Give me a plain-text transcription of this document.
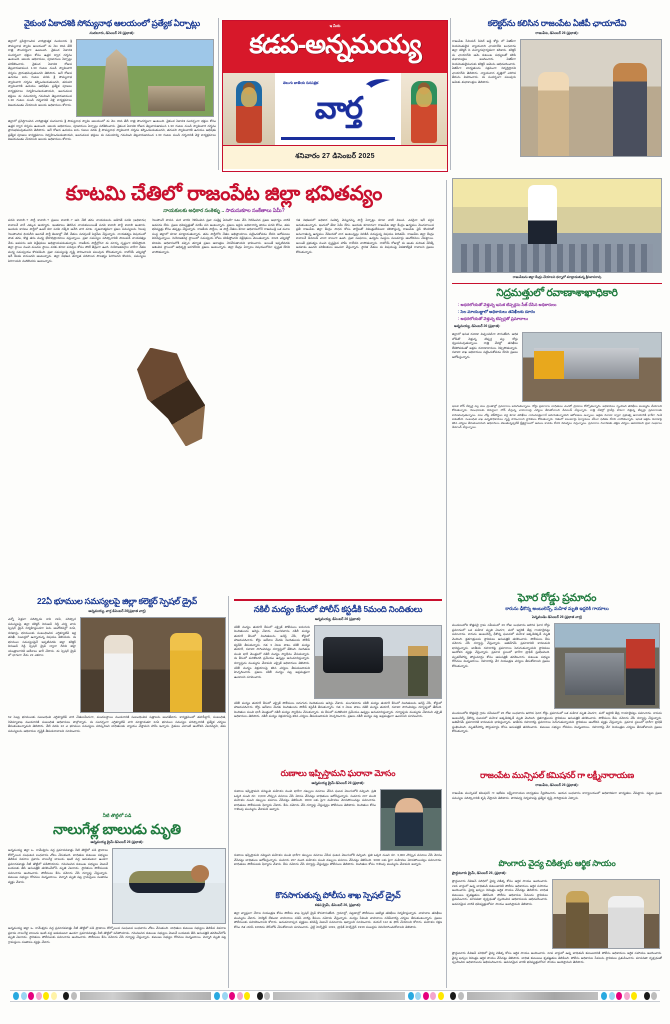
ఇ మీరు
కడప-అన్నమయ్య
తెలుగు జాతీయ దినపత్రిక
వార్త
శనివారం 27 డిసెంబర్ 2025
వైకుంఠ ఏకాదశికి సోమ్యనాథ ఆలయంలో ప్రత్యేక ఏర్పాట్లు
నందలూరు, డిసెంబర్ 26 (ప్రభాత):
జిల్లాలో ప్రసిద్ధిగాంచిన చారిత్రాత్మక నందలూరు శ్రీ సౌమ్యనాథ స్వామి ఆలయంలో ఈ నెల 30వ తేదీ రాత్రి సౌందర్యంగా ఉంటుంది. వైకుంఠ ఏకాదశి సందర్భంగా భక్తుల కోసం ఉత్తర ద్వార దర్శనం ఉంటుంది. ఆలయ అధికారులు, పూజారులు ఏర్పాట్లు పరిశీలించారు. వైకుంఠ ఏకాదశి రోజున తెల్లవారుజామున 1.30 గంటల నుండి స్వామివారి దర్శనం ప్రారంభమవుతుందని తెలిపారు. అదే రోజున ఉదయం ఐదు గంటల వరకు శ్రీ సౌమ్యనాథ స్వామివారి దర్శనం కల్పించబడుతుందని, తదుపరి స్వామివారికి ఉదయం అభిషేకం ప్రత్యేక పూజలు కార్యక్రమాలు నిర్వహించబడుతాయని, అందువలన భక్తులు ఈ సమయాన్ని గమనించి తెల్లవారుజామున 1.30 గంటల నుండి దర్శనానికి వెళ్లి కార్యక్రమాలు విజయవంతం చేయాలని ఆలయ అధికారులు కోరారు.
జిల్లాలో ప్రసిద్ధిగాంచిన చారిత్రాత్మక నందలూరు శ్రీ సౌమ్యనాథ స్వామి ఆలయంలో ఈ నెల 30వ తేదీ రాత్రి సౌందర్యంగా ఉంటుంది. వైకుంఠ ఏకాదశి సందర్భంగా భక్తుల కోసం ఉత్తర ద్వార దర్శనం ఉంటుంది. ఆలయ అధికారులు, పూజారులు ఏర్పాట్లు పరిశీలించారు. వైకుంఠ ఏకాదశి రోజున తెల్లవారుజామున 1.30 గంటల నుండి స్వామివారి దర్శనం ప్రారంభమవుతుందని తెలిపారు. అదే రోజున ఉదయం ఐదు గంటల వరకు శ్రీ సౌమ్యనాథ స్వామివారి దర్శనం కల్పించబడుతుందని, తదుపరి స్వామివారికి ఉదయం అభిషేకం ప్రత్యేక పూజలు కార్యక్రమాలు నిర్వహించబడుతాయని, అందువలన భక్తులు ఈ సమయాన్ని గమనించి తెల్లవారుజామున 1.30 గంటల నుండి దర్శనానికి వెళ్లి కార్యక్రమాలు విజయవంతం చేయాలని ఆలయ అధికారులు కోరారు.
కలెక్టర్‌ను కలిసిన రాజంపేట ఏజీపీ ఛాయాదేవి
రాజంపేట, డిసెంబర్ 26 (ప్రభాత):
రాజంపేట సీనియర్ సివిల్ జడ్జి కోర్టు లో ఏజీపీగా నియమితులైన న్యాయవాది ఛాయాదేవి బుధవారం జిల్లా కలెక్టర్ ని మర్యాదపూర్వకంగా కలిశారు. కలెక్టర్ ను ఛాయాదేవి ఆమె కుటుంబ సభ్యులతో కలిసి శుభాకాంక్షలు అందించారు. ఏజీపీగా నియమితులైనందుకు కలెక్టర్ ఆమెను అభినందించారు. ఏజీపీగా బాధ్యతలను సక్రమంగా నిర్వర్తిస్తానని ఛాయాదేవి తెలిపారు. న్యాయవాద వృత్తిలో ఎదిగిన తీరును వివరించారు. ఈ సందర్భంగా పలువురు ఆమెకు శుభాకాంక్షలు తెలిపారు.
కూటమి చేతిలో రాజంపేట జిల్లా భవితవ్యం
నాయకులకు అధికార సంకెళ్ళు .. సామసుకూల సంకేతాలు ఏమీ?
పదవి కావాలి..? పార్టీ కావాలి..? ప్రజలు కావాలి..? అని నేటి తరం నాయకులను అడిగితే పదవి (అధికారం) కావాలనే వారే ఎక్కువ అయ్యారు. ఇంతకాలం తెలిసిన నాయకులుయితే పదవి కావాలి పార్టీ కావాలి అంటారు. అందుకు కారణం పార్టీలో ఉంటే కదా పదవి దక్కేది అనేది వారి మాట. సృజనాత్మకంగా ప్రజల సమస్యలను గెలుపు గెలుపొందిన థియరీని అందుకే పార్టీ జెండాల్లో నేటి నేతలు పదవులకే పెద్దపీట వేస్తున్నారు. నాయకత్వం విషయంలో పాత తరం, కొత్త తరం మధ్య భేదాభిప్రాయాలు వస్తున్నాయి. ప్రజా సమస్యల పరిష్కారానికి పాటుపడే నాయకత్వం నేడు అవసరం అని విశ్లేషకులు అభిప్రాయపడుతున్నారు. రాజకీయ పార్టీల్లోనూ ఈ మార్పు స్పష్టంగా కనిపిస్తోంది. జిల్లా స్థాయి నుంచి మండల స్థాయి వరకు కూడా పదవుల కోసం పోటీ తీవ్రంగా ఉంది. నియోజకవర్గాల వారీగా నేతల మధ్య సమన్వయం కొరవడింది. ప్రజా సమస్యలపై దృష్టి సారించాలని పలువురు కోరుతున్నారు. రాబోయే ఎన్నికల్లో ఇదే కీలకం కానుందని అంటున్నారు. జిల్లా విభజన తర్వాత పరిపాలన సౌలభ్యం పెరిగిందని కొందరు, సమస్యలు పెరిగాయని మరికొందరు అంటున్నారు.
గెలుపొందే పాదన. మరి వారిని గెలిపించిన ప్రజా సంక్షిప్త ఏమిటి? ఓటు వేసి గెలిపించిన ప్రజల అభాగ్యం వారికి అవసరం లేదు. ప్రజల భవిష్యత్తుతో మాకేం పని అంటున్నారు. ప్రజలు ఇద్దరు అధికారాన్ని తాము పదవి కోసం, తమ భవిష్యత్తు కోసం తప్పట్లు వేస్తున్నారు. రాజకీయ పార్టీలు, ఆ పార్టీ నేతలు కూడా అధికారంలోనే రాజమండ్రి ఒక మూల సంస్థ జిల్లాలో కూడా మాట్లాడుతున్నారు. తమ పార్టీలోని నేతల అభిప్రాయాలు పట్టించుకోవడం లేదని ఆరోపణలు వినిపిస్తున్నాయి. నియోజకవర్గ స్థాయిలో సమన్వయ లోపం కనిపిస్తోందని విశ్లేషకులు చెబుతున్నారు. 2024 ఎన్నికల్లో కూటమి అధికారంలోకి వచ్చిన తర్వాత ప్రజల ఆకాంక్షలు నెరవేరుతాయని భావించారు. అయితే ఇప్పటివరకు ఆశించిన స్థాయిలో అభివృద్ధి జరగలేదని ప్రజలు అంటున్నారు. జిల్లా కేంద్రం ఏర్పాటు విషయంలోనూ స్పష్టత లేదని వాపోతున్నారు.
గత విభజనలో అధికార సంకెళ్ళ వెన్నుదన్ను పార్టీ ఏర్పాట్లు కూడా వాటి విలువ. ఎవరైనా ఇదే వర్ధన అనుకుంటున్నారు. ఇందులో తేడా ఏమీ లేదు. అందుకు కూడాదుగా రాజంపేట జిల్లా కేంద్రం ఉద్యమం మొదలాయిన ప్రతీ రాజంపేట జిల్లా కేంద్రం సాధన కోసం పార్టీలతో నిమిత్తంలేకుండా కలిసొస్తున్న రాజంపేట వైస్ కొందరితో జనంగాతున్న ఉద్యమం నేడెందుకో వార అంటున్నట్లు వినికిడి నడుస్తున్న విషయం విదితమే. రాజంపేట జిల్లా కేంద్రం కావాలనే డిమాండ్ చాలా కాలంగా ఉంది. ప్రజా సంఘాలు, ఉద్యమ సంస్థలు పలుమార్లు ఆందోళనలు చేపట్టాయి. అయితే ప్రభుత్వం నుంచి స్పష్టమైన హామీ రాలేదని వాపోతున్నారు. రాబోయే రోజుల్లో ఈ అంశం మరింత వేడెక్కే అవకాశం ఉందని పరిశీలకులు అంచనా వేస్తున్నారు. స్థానిక నేతలు ఈ విషయంపై ఏకతాటిపైకి రావాలని ప్రజలు కోరుతున్నారు.
రాజంపేటను జిల్లా కేంద్రం చేయాలని ధర్నాలో మాట్లాడుతున్న శ్రీనివాసరావు
నిద్రమత్తులో రవాణాశాఖాధికారి
: అధరలోయతో వెళ్తున్న ఇసుక టిప్పర్లను సీజ్ చేసిన అధికారులు
: సెల మాయుజ్జులో అధికారులు తనిఖీలకు దూరం
: అధరలోయతో వెళ్తున్న టిప్పర్లతో ప్రమాదాలు
అన్నమయ్య, డిసెంబర్ 26 (ప్రభాత):
జిల్లాలో ఇసుక రవాణా విచ్చలవిడిగా సాగుతోంది. అధిక లోడ్‌తో వెళ్తున్న టిప్పర్ల వల్ల రోడ్లు ధ్వంసమవుతున్నాయి. రాత్రి వేళల్లో తనిఖీలు లేకపోవడంతో అక్రమ రవాణాదారులు రెచ్చిపోతున్నారు. రవాణా శాఖ అధికారులు పట్టించుకోవడం లేదని ప్రజలు ఆరోపిస్తున్నారు.
ఇసుక లోడ్ టిప్పర్ల వల్ల పలు ప్రాంతాల్లో ప్రమాదాలు జరుగుతున్నాయి. రోడ్డు ప్రమాదాల బాధితులు ఎందరో ప్రాణాలు కోల్పోతున్నారు. అధికారులు స్పందించి తనిఖీలు ముమ్మరం చేయాలని కోరుతున్నారు. నిబంధనలకు విరుద్ధంగా లోడ్ చేస్తున్న వాహనాలపై చర్యలు తీసుకోవాలని డిమాండ్ చేస్తున్నారు. రాత్రి వేళల్లో హైవేపై వేగంగా వెళ్తున్న టిప్పర్లు ప్రమాదాలకు కారణమవుతున్నాయి. పలు చోట్ల చెక్‌పోస్టుల వద్ద కూడా తనిఖీలు నామమాత్రంగానే జరుగుతున్నాయని ఆరోపణలు ఉన్నాయి. అక్రమ రవాణా ద్వారా ప్రభుత్వ ఆదాయానికి భారీగా గండి పడుతోంది. సంబంధిత శాఖ ఉన్నతాధికారులు దృష్టి సారించాలని స్థానికులు కోరుతున్నారు. గతంలో పలుమార్లు ఫిర్యాదులు చేసినా ఫలితం లేదని వాపోతున్నారు. ఇసుక అక్రమ రవాణాపై కఠిన చర్యలు తీసుకుంటామని అధికారులు చెబుతున్నప్పటికీ క్షేత్రస్థాయిలో అమలు కావడం లేదని విమర్శలు వస్తున్నాయి. ప్రమాదాల నివారణకు తక్షణ చర్యలు అవసరమని ప్రజా సంఘాలు డిమాండ్ చేస్తున్నాయి.
22ఏ భూముల సమస్యలపై జిల్లా కలెక్టర్ స్పెషల్ డ్రైవ్
అన్నమయ్య, వార్త డిసెంబర్ 26(ప్రభాత వార్త)
ఎన్నో ఏళ్లుగా పరిష్కారం కాని 22ఏ, పరిష్కార సమస్యలపై జిల్లా కలెక్టర్ నిరంజన్ రెడ్డి చర్య వారు స్పెషల్ డ్రైవ్ నిర్వహిస్తుండగా పెను ఆందోళనల్లో 22ఏ, దరఖాస్తు భూములకు సంబంధించిన ఎగ్జిక్యూటివ్ ఇళ్ల తనిఖీ. సెంటర్లలో ఉన్నాయన్న విషయం తెలియదు. ఈ భూముల సమస్యలపైనే ఇప్పటివరకు జిల్లా కలెక్టర్ నిరంజన్ రెడ్డి స్పెషల్ డ్రైవ్ ద్వారా దీనిని జిల్లా యంత్రాంగానికి ఆదేశాలు జారీ చేసారు. ఈ స్పెషల్ డ్రైవ్ లో భాగంగా నేడు 22 ఎకరాల
62 సెంట్ల భూములకు సంబంధించి ఎగ్జిక్యూటివ్ వారి చేతులమీదుగా, మండలస్థాయి మండలానికి సంబంధించిన పత్రాలను అందజేశారు. కార్యక్రమంలో తహసీల్దార్, సంబంధిత, రెవెన్యూశాఖ మండలానికి సంబంధిత అధికారులు పాల్గొన్నారు. ఈ సందర్భంగా ఎగ్జిక్యూటివ్ వారి మాట్లాడుతూ 22ఏ భూముల సమస్యల పరిష్కారానికి ప్రత్యేక చర్యలు తీసుకుంటున్నామని తెలిపారు. నేటి వరకు 22 ఎ భూముల సమస్యలు పరిష్కరించి బాధితులకు న్యాయం చేస్తామని హామీ ఇచ్చారు. రైతులు ఎలాంటి ఆందోళన చెందవద్దని, తమ సమస్యలను అధికారుల దృష్టికి తీసుకురావాలని సూచించారు.
నీటి తొట్టిలో పడి
నాలుగేళ్ల బాలుడు మృతి
అన్నమయ్య క్రైమ్ డిసెంబర్ 26 (ప్రభాత):
అన్నమయ్య జిల్లా ఒ. రామేశ్వరం వద్ద ప్రమాదవశాత్తు నీటి తొట్టిలో పడి ప్రాణాలు కోల్పోయిన సంఘటన బుధవారం చోటు చేసుకుంది. బాధితుల కుటుంబ సభ్యులు తెలిపిన వివరాల ప్రకారం నాలుగేళ్ల బాలుడు ఇంటి వద్ద ఆడుకుంటూ ఉండగా ప్రమాదవశాత్తు నీటి తొట్టిలో పడిపోయాడు. గమనించిన కుటుంబ సభ్యులు వెంటనే బయటకు తీసి ఆసుపత్రికి తరలించేలోపే మృతి చెందాడు. స్థానికులు పోలీసులకు సమాచారం అందించారు. పోలీసులు కేసు నమోదు చేసి దర్యాప్తు చేస్తున్నారు. కుటుంబ సభ్యుల రోదనలు మిన్నంటాయి. చిన్నారి మృతి పట్ల గ్రామస్తులు సంతాపం వ్యక్తం చేశారు.
అన్నమయ్య జిల్లా ఒ. రామేశ్వరం వద్ద ప్రమాదవశాత్తు నీటి తొట్టిలో పడి ప్రాణాలు కోల్పోయిన సంఘటన బుధవారం చోటు చేసుకుంది. బాధితుల కుటుంబ సభ్యులు తెలిపిన వివరాల ప్రకారం నాలుగేళ్ల బాలుడు ఇంటి వద్ద ఆడుకుంటూ ఉండగా ప్రమాదవశాత్తు నీటి తొట్టిలో పడిపోయాడు. గమనించిన కుటుంబ సభ్యులు వెంటనే బయటకు తీసి ఆసుపత్రికి తరలించేలోపే మృతి చెందాడు. స్థానికులు పోలీసులకు సమాచారం అందించారు. పోలీసులు కేసు నమోదు చేసి దర్యాప్తు చేస్తున్నారు. కుటుంబ సభ్యుల రోదనలు మిన్నంటాయి. చిన్నారి మృతి పట్ల గ్రామస్తులు సంతాపం వ్యక్తం చేశారు.
నకిలీ మద్యం కేసులో పోలీస్ కస్టడీకి 5మంది నిందితులు
అన్నమయ్య, డిసెంబర్ 26 (ప్రభాత):
నకిలీ మద్యం తయారీ కేసులో ఎక్సైజ్ పోలీసులు ఐదుగురు నిందితులను అరెస్టు చేశారు. మంగళవారం నకిలీ మద్యం తయారీ కేసులో నిందితులను అరెస్ట్ చేసి, కోర్టులో హాజరుపరిచారు. కోర్టు ఆదేశాల మేరకు నిందితులను పోలీస్ కస్టడీకి తీసుకున్నారు. గత 3 నెలల పాటు నకిలీ మద్యం తయారీ, రవాణా సాగించినట్లు దర్యాప్తులో తేలింది. నిందితుల నుంచి భారీ మొత్తంలో నకిలీ మద్యం స్వాధీనం చేసుకున్నారు. ఈ కేసులో మరికొందరి ప్రమేయం ఉన్నట్లు అనుమానిస్తున్నారు. దర్యాప్తును ముమ్మరం చేశామని ఎక్సైజ్ అధికారులు తెలిపారు. నకిలీ మద్యం విక్రయాలపై కఠిన చర్యలు తీసుకుంటామని హెచ్చరించారు. ప్రజలు నకిలీ మద్యం పట్ల అప్రమత్తంగా ఉండాలని సూచించారు.
నకిలీ మద్యం తయారీ కేసులో ఎక్సైజ్ పోలీసులు ఐదుగురు నిందితులను అరెస్టు చేశారు. మంగళవారం నకిలీ మద్యం తయారీ కేసులో నిందితులను అరెస్ట్ చేసి, కోర్టులో హాజరుపరిచారు. కోర్టు ఆదేశాల మేరకు నిందితులను పోలీస్ కస్టడీకి తీసుకున్నారు. గత 3 నెలల పాటు నకిలీ మద్యం తయారీ, రవాణా సాగించినట్లు దర్యాప్తులో తేలింది. నిందితుల నుంచి భారీ మొత్తంలో నకిలీ మద్యం స్వాధీనం చేసుకున్నారు. ఈ కేసులో మరికొందరి ప్రమేయం ఉన్నట్లు అనుమానిస్తున్నారు. దర్యాప్తును ముమ్మరం చేశామని ఎక్సైజ్ అధికారులు తెలిపారు. నకిలీ మద్యం విక్రయాలపై కఠిన చర్యలు తీసుకుంటామని హెచ్చరించారు. ప్రజలు నకిలీ మద్యం పట్ల అప్రమత్తంగా ఉండాలని సూచించారు.
రుణాలు ఇప్పిస్తామని ఘరానా మోసం
అన్నమయ్య క్రైమ్ డిసెంబర్ 26 (ప్రభాత):
రుణాలు ఇప్పిస్తామని నమ్మించి మహిళల నుంచి భారీగా డబ్బులు వసూలు చేసిన ఘటన వెలుగులోకి వచ్చింది. ప్రతి ఒక్కరి నుంచి రూ. 3,000 చొప్పున వసూలు చేసి మోసం చేసినట్లు బాధితులు ఆరోపిస్తున్నారు. సుమారు 207 మంది మహిళల నుంచి డబ్బులు వసూలు చేసినట్లు తెలిసింది. 3000 లకు పైగా మహిళలు మోసపోయినట్లు సమాచారం. బాధితులు పోలీసులకు ఫిర్యాదు చేశారు. కేసు నమోదు చేసి దర్యాప్తు చేస్తున్నట్లు పోలీసులు తెలిపారు. నిందితుల కోసం గాలింపు ముమ్మరం చేశామని అన్నారు.
రుణాలు ఇప్పిస్తామని నమ్మించి మహిళల నుంచి భారీగా డబ్బులు వసూలు చేసిన ఘటన వెలుగులోకి వచ్చింది. ప్రతి ఒక్కరి నుంచి రూ. 3,000 చొప్పున వసూలు చేసి మోసం చేసినట్లు బాధితులు ఆరోపిస్తున్నారు. సుమారు 207 మంది మహిళల నుంచి డబ్బులు వసూలు చేసినట్లు తెలిసింది. 3000 లకు పైగా మహిళలు మోసపోయినట్లు సమాచారం. బాధితులు పోలీసులకు ఫిర్యాదు చేశారు. కేసు నమోదు చేసి దర్యాప్తు చేస్తున్నట్లు పోలీసులు తెలిపారు. నిందితుల కోసం గాలింపు ముమ్మరం చేశామని అన్నారు.
కొనసాగుతున్న పోలీసు శాఖ స్పెషల్ డ్రైవ్
కడప క్రైమ్, డిసెంబర్ 26, (ప్రభాత):
జిల్లా వ్యాప్తంగా నేరాల నియంత్రణ కోసం పోలీసు శాఖ స్పెషల్ డ్రైవ్ కొనసాగుతోంది. గ్రామాల్లో, పట్టణాల్లో పోలీసులు ఆకస్మిక తనిఖీలు నిర్వహిస్తున్నారు. వాహనాల తనిఖీలు ముమ్మరం చేశారు. హెల్మెట్ లేకుండా వాహనాలు నడిపే వారిపై కేసులు నమోదు చేస్తున్నారు. మద్యం సేవించి వాహనాలు నడిపేవారిపై చర్యలు తీసుకుంటున్నారు. ప్రజలు పోలీసులకు సహకరించాలని కోరారు. అనుమానాస్పద వ్యక్తులు కనిపిస్తే వెంటనే సమాచారం ఇవ్వాలని సూచించారు. డయల్ 112 కు ఫోన్ చేయాలని కోరారు. మహిళల రక్షణ కోసం దిశ యాప్ 1098ను డౌన్‌లోడ్ చేసుకోవాలని సూచించారు. చైల్డ్ హెల్ప్‌లైన్ 1091, ట్రాఫిక్ హెల్ప్‌లైన్ 1939 నంబర్లను వినియోగించుకోవాలని తెలిపారు.
ఘోర రోడ్డు ప్రమాదం
కారును ఢీకొన్న అంబులెన్స్, మహిళ మృతి ఇద్దరికి గాయాలు
పెన్నముడెం డిసెంబర్ 26 (ప్రభాత వార్త)
మండలంలోని కొత్తపల్లె గ్రామ సమీపంలో 26 రోజు బుధవారం జరిగిన ఘోర రోడ్డు ప్రమాదంలో ఒక మహిళ మృతి చెందగా, మరో ఇద్దరికి తీవ్ర గాయాలైనట్లు సమాచారం. కారును అంబులెన్స్ ఢీకొన్న ఘటనలో మహిళ అక్కడికక్కడే మృతి చెందింది. క్షతగాత్రులను స్థానికులు ఆసుపత్రికి తరలించారు. పోలీసులు కేసు నమోదు చేసి దర్యాప్తు చేస్తున్నారు. అతివేగమే ప్రమాదానికి కారణమని భావిస్తున్నారు. జాతీయ రహదారిపై ప్రమాదాలు పెరుగుతున్నాయని స్థానికులు ఆందోళన వ్యక్తం చేస్తున్నారు. ప్రమాద స్థలంలో భారీగా ట్రాఫిక్ స్తంభించింది. మృతదేహాన్ని పోస్టుమార్టం కోసం ఆసుపత్రికి తరలించారు. కుటుంబ సభ్యుల రోదనలు మిన్నంటాయి. రహదారిపై వేగ నియంత్రణ చర్యలు తీసుకోవాలని ప్రజలు కోరుతున్నారు.
మండలంలోని కొత్తపల్లె గ్రామ సమీపంలో 26 రోజు బుధవారం జరిగిన ఘోర రోడ్డు ప్రమాదంలో ఒక మహిళ మృతి చెందగా, మరో ఇద్దరికి తీవ్ర గాయాలైనట్లు సమాచారం. కారును అంబులెన్స్ ఢీకొన్న ఘటనలో మహిళ అక్కడికక్కడే మృతి చెందింది. క్షతగాత్రులను స్థానికులు ఆసుపత్రికి తరలించారు. పోలీసులు కేసు నమోదు చేసి దర్యాప్తు చేస్తున్నారు. అతివేగమే ప్రమాదానికి కారణమని భావిస్తున్నారు. జాతీయ రహదారిపై ప్రమాదాలు పెరుగుతున్నాయని స్థానికులు ఆందోళన వ్యక్తం చేస్తున్నారు. ప్రమాద స్థలంలో భారీగా ట్రాఫిక్ స్తంభించింది. మృతదేహాన్ని పోస్టుమార్టం కోసం ఆసుపత్రికి తరలించారు. కుటుంబ సభ్యుల రోదనలు మిన్నంటాయి. రహదారిపై వేగ నియంత్రణ చర్యలు తీసుకోవాలని ప్రజలు కోరుతున్నారు.
రాజంపేట మున్సిపల్ కమిషనర్ గా లక్ష్మీనారాయణ
రాజంపేట, డిసెంబర్ 26 (ప్రభాత):
రాజంపేట మున్సిపల్ కమిషనర్ గా ఇటీవల లక్ష్మీనారాయణ బాధ్యతలు స్వీకరించారు. ఆయన బుధవారం కార్యాలయంలో అధికారికంగా బాధ్యతలు చేపట్టారు. పట్టణ ప్రజల సమస్యల పరిష్కారానికి కృషి చేస్తానని తెలిపారు. పారిశుధ్య నిర్వహణపై ప్రత్యేక దృష్టి సారిస్తామని చెప్పారు.
పొంగారు వైద్య చికిత్సకు ఆర్థిక సాయం
ప్రొద్దుటూరు క్రైమ్, డిసెంబర్ 26, (ప్రభాత):
ప్రొద్దుటూరు డివిజన్ పరిధిలో వైద్య చికిత్స కోసం ఆర్థిక సాయం అందించారు. 22వ వార్డులో ఉన్న బాధితుడి కుటుంబానికి పోలీసు అధికారులు ఆర్థిక సహాయం అందించారు. వైద్య ఖర్చుల నిమిత్తం ఆర్థిక సాయం చేసినట్లు తెలిపారు. బాధిత కుటుంబం కృతజ్ఞతలు తెలిపింది. పోలీసు అధికారుల సేవలను స్థానికులు ప్రశంసించారు. మానవతా దృక్పథంతో స్పందించిన అధికారులను అభినందించారు. అవసరమైన వారికి భవిష్యత్తులోనూ సాయం అందిస్తామని తెలిపారు.
ప్రొద్దుటూరు డివిజన్ పరిధిలో వైద్య చికిత్స కోసం ఆర్థిక సాయం అందించారు. 22వ వార్డులో ఉన్న బాధితుడి కుటుంబానికి పోలీసు అధికారులు ఆర్థిక సహాయం అందించారు. వైద్య ఖర్చుల నిమిత్తం ఆర్థిక సాయం చేసినట్లు తెలిపారు. బాధిత కుటుంబం కృతజ్ఞతలు తెలిపింది. పోలీసు అధికారుల సేవలను స్థానికులు ప్రశంసించారు. మానవతా దృక్పథంతో స్పందించిన అధికారులను అభినందించారు. అవసరమైన వారికి భవిష్యత్తులోనూ సాయం అందిస్తామని తెలిపారు.
